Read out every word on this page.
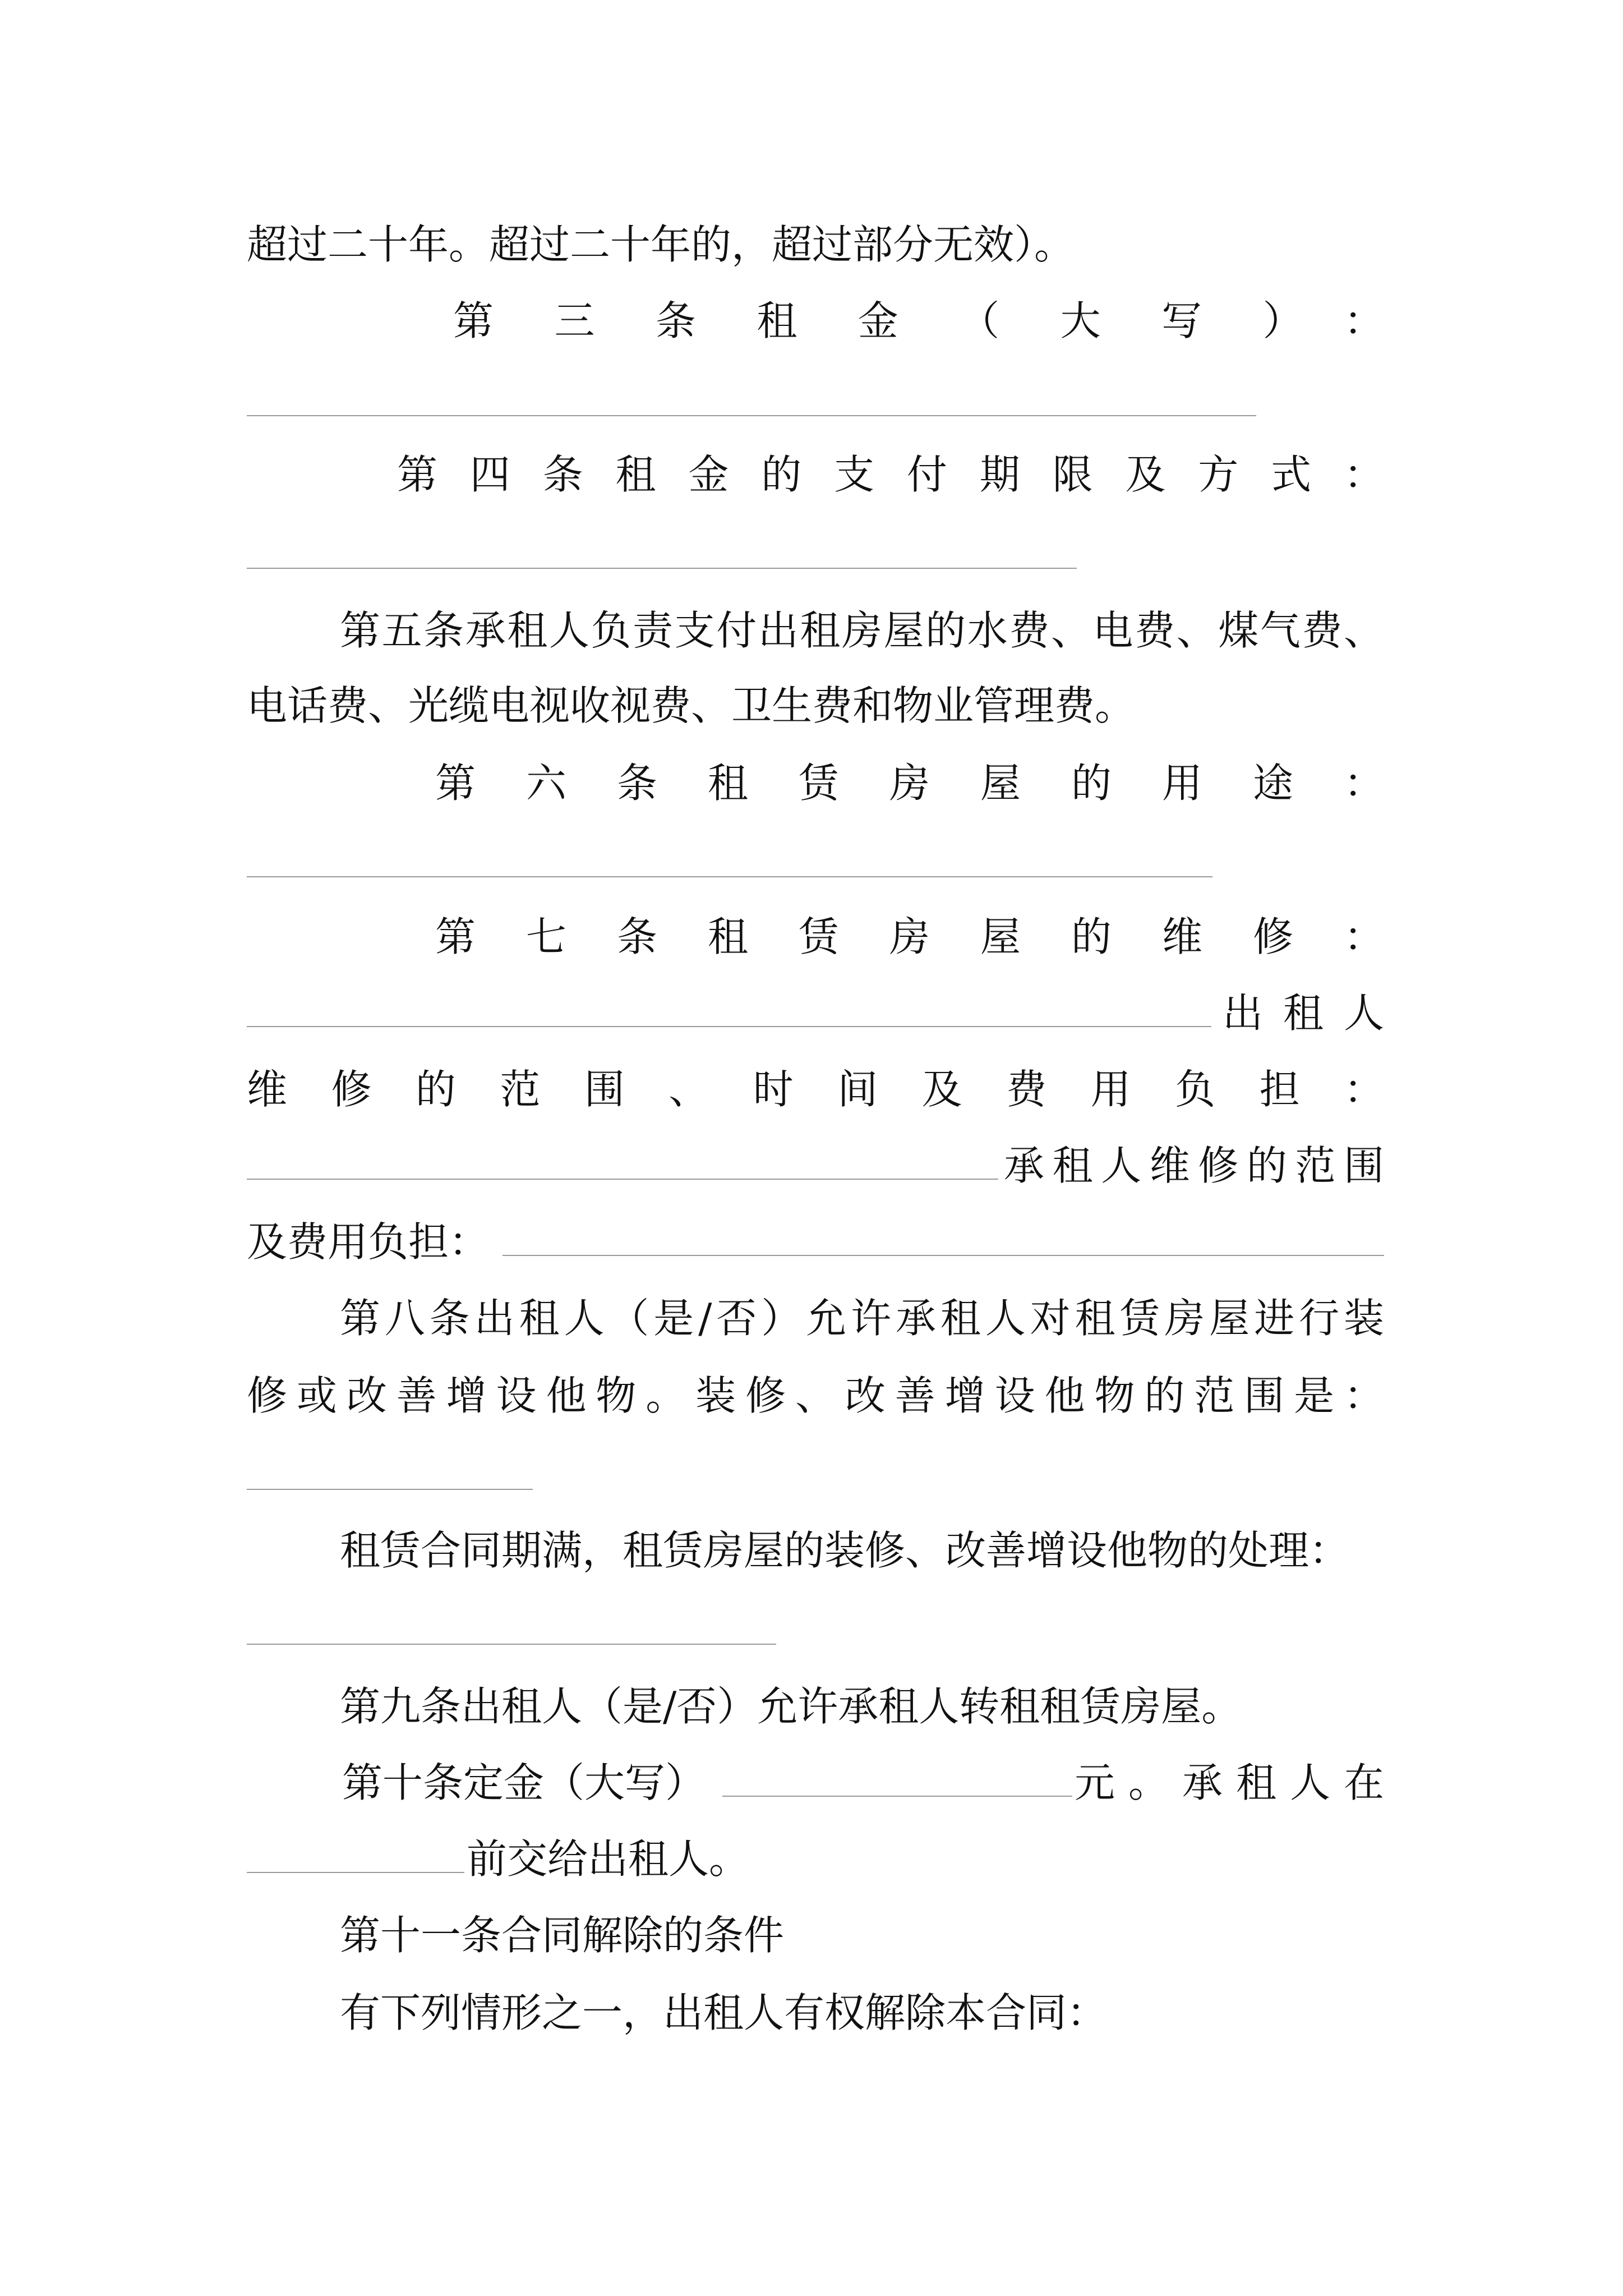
超过二十年。超过二十年的，超过部分无效）。
第三条租金（大写）：
第四条租金的支付期限及方式：
第五条承租人负责支付出租房屋的水费、电费、煤气费、
电话费、光缆电视收视费、卫生费和物业管理费。
第六条租赁房屋的用途：
第七条租赁房屋的维修：
出租人
维修的范围、时间及费用负担：
承租人维修的范围
及费用负担：
第八条出租人（是/否）允许承租人对租赁房屋进行装
修或改善增设他物。装修、改善增设他物的范围是：
租赁合同期满，租赁房屋的装修、改善增设他物的处理：
第九条出租人（是/否）允许承租人转租租赁房屋。
第十条定金（大写）	元。承租人在
前交给出租人。
第十一条合同解除的条件
有下列情形之一，出租人有权解除本合同：
